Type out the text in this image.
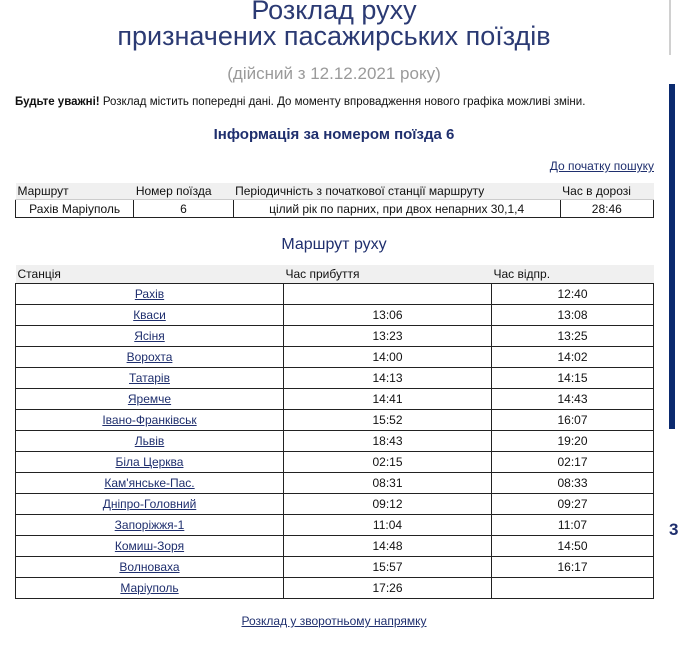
Розклад руху
призначених пасажирських поїздів
(дійсний з 12.12.2021 року)
Будьте уважні! Розклад містить попередні дані. До моменту впровадження нового графіка можливі зміни.
Інформація за номером поїзда 6
До початку пошуку
Маршрут	Номер поїзда	Періодичність з початкової станції маршруту	Час в дорозі
Рахів Маріуполь	6	цілий рік по парних, при двох непарних 30,1,4	28:46
Маршрут руху
Станція	Час прибуття	Час відпр.
Рахів		12:40
Кваси	13:06	13:08
Ясіня	13:23	13:25
Ворохта	14:00	14:02
Татарів	14:13	14:15
Яремче	14:41	14:43
Івано-Франківськ	15:52	16:07
Львів	18:43	19:20
Біла Церква	02:15	02:17
Кам'янське-Пас.	08:31	08:33
Дніпро-Головний	09:12	09:27
Запоріжжя-1	11:04	11:07
Комиш-Зоря	14:48	14:50
Волноваха	15:57	16:17
Маріуполь	17:26	
Розклад у зворотньому напрямку
3
